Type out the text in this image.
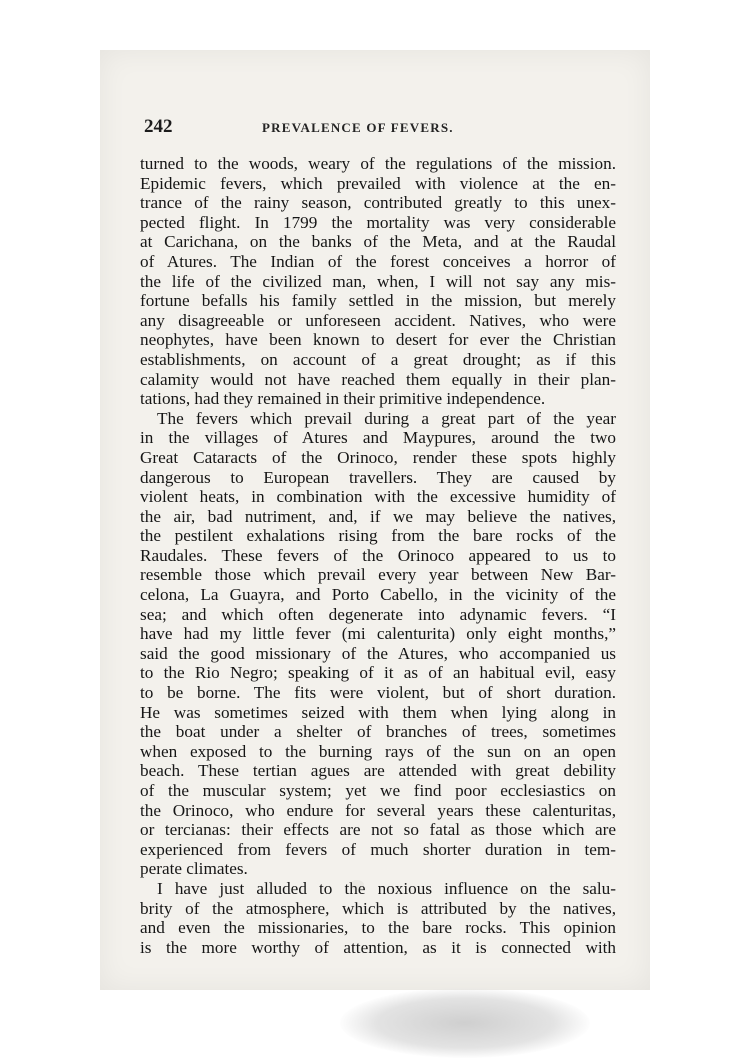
242	PREVALENCE OF FEVERS.
turned to the woods, weary of the regulations of the mission.
Epidemic fevers, which prevailed with violence at the en-
trance of the rainy season, contributed greatly to this unex-
pected flight. In 1799 the mortality was very considerable
at Carichana, on the banks of the Meta, and at the Raudal
of Atures. The Indian of the forest conceives a horror of
the life of the civilized man, when, I will not say any mis-
fortune befalls his family settled in the mission, but merely
any disagreeable or unforeseen accident. Natives, who were
neophytes, have been known to desert for ever the Christian
establishments, on account of a great drought; as if this
calamity would not have reached them equally in their plan-
tations, had they remained in their primitive independence.
The fevers which prevail during a great part of the year
in the villages of Atures and Maypures, around the two
Great Cataracts of the Orinoco, render these spots highly
dangerous to European travellers. They are caused by
violent heats, in combination with the excessive humidity of
the air, bad nutriment, and, if we may believe the natives,
the pestilent exhalations rising from the bare rocks of the
Raudales. These fevers of the Orinoco appeared to us to
resemble those which prevail every year between New Bar-
celona, La Guayra, and Porto Cabello, in the vicinity of the
sea; and which often degenerate into adynamic fevers. “I
have had my little fever (mi calenturita) only eight months,”
said the good missionary of the Atures, who accompanied us
to the Rio Negro; speaking of it as of an habitual evil, easy
to be borne. The fits were violent, but of short duration.
He was sometimes seized with them when lying along in
the boat under a shelter of branches of trees, sometimes
when exposed to the burning rays of the sun on an open
beach. These tertian agues are attended with great debility
of the muscular system; yet we find poor ecclesiastics on
the Orinoco, who endure for several years these calenturitas,
or tercianas: their effects are not so fatal as those which are
experienced from fevers of much shorter duration in tem-
perate climates.
I have just alluded to the noxious influence on the salu-
brity of the atmosphere, which is attributed by the natives,
and even the missionaries, to the bare rocks. This opinion
is the more worthy of attention, as it is connected with
